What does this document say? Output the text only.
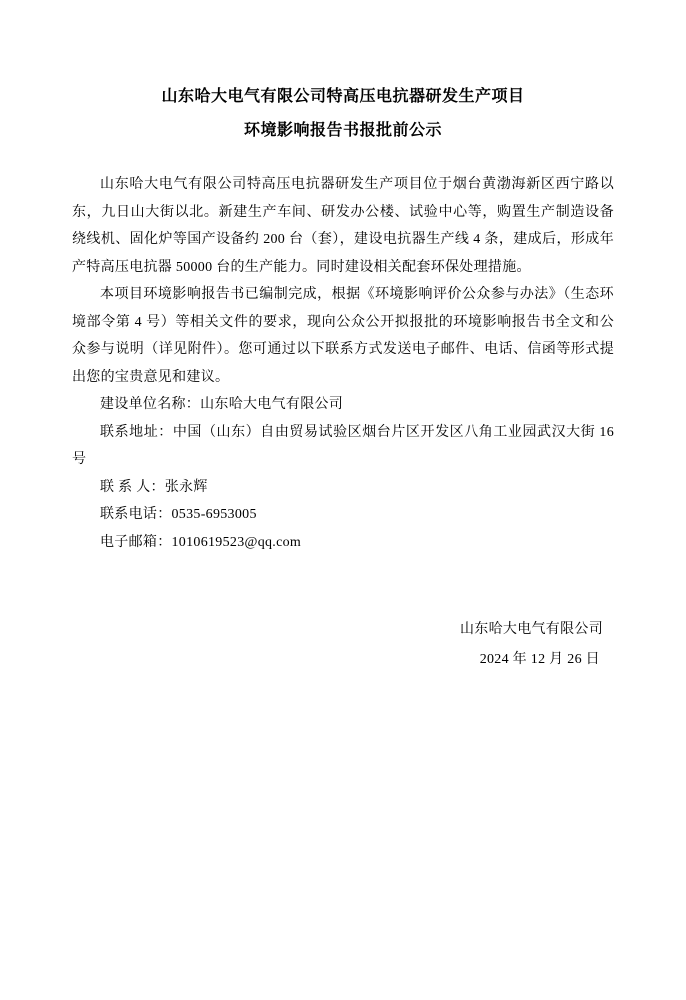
山东哈大电气有限公司特高压电抗器研发生产项目
环境影响报告书报批前公示

山东哈大电气有限公司特高压电抗器研发生产项目位于烟台黄渤海新区西宁路以东，九日山大街以北。新建生产车间、研发办公楼、试验中心等，购置生产制造设备绕线机、固化炉等国产设备约 200 台（套），建设电抗器生产线 4 条，建成后，形成年产特高压电抗器 50000 台的生产能力。同时建设相关配套环保处理措施。

本项目环境影响报告书已编制完成，根据《环境影响评价公众参与办法》（生态环境部令第 4 号）等相关文件的要求，现向公众公开拟报批的环境影响报告书全文和公众参与说明（详见附件）。您可通过以下联系方式发送电子邮件、电话、信函等形式提出您的宝贵意见和建议。

建设单位名称：山东哈大电气有限公司

联系地址：中国（山东）自由贸易试验区烟台片区开发区八角工业园武汉大街 16 号

联 系 人：张永辉

联系电话：0535-6953005

电子邮箱：1010619523@qq.com

山东哈大电气有限公司
2024 年 12 月 26 日
